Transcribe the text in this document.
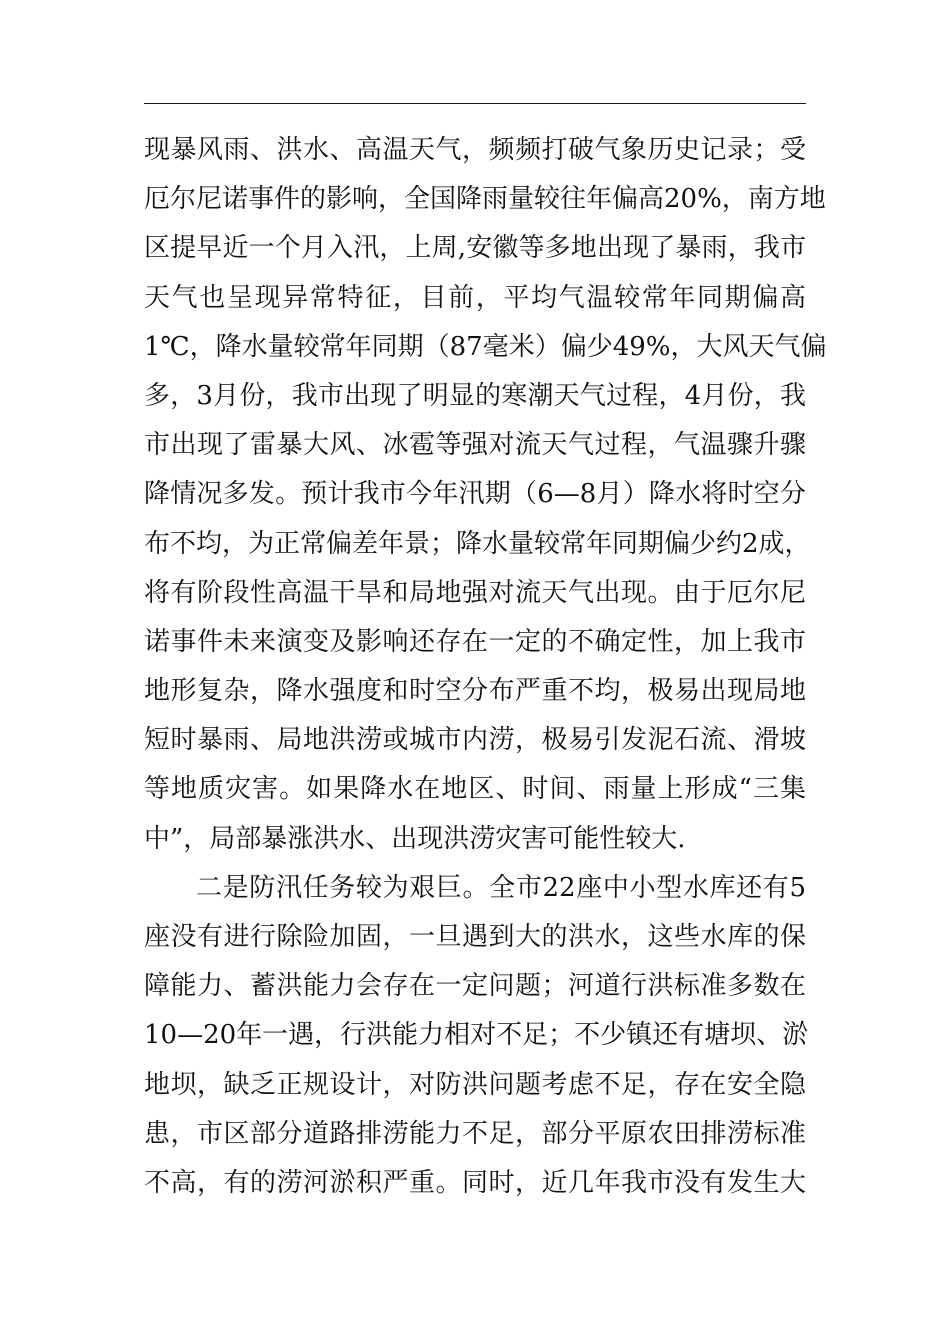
现暴风雨、洪水、高温天气，频频打破气象历史记录；受
厄尔尼诺事件的影响，全国降雨量较往年偏高20%，南方地
区提早近一个月入汛，上周,安徽等多地出现了暴雨，我市
天气也呈现异常特征，目前，平均气温较常年同期偏高
1℃，降水量较常年同期（87毫米）偏少49%，大风天气偏
多，3月份，我市出现了明显的寒潮天气过程，4月份，我
市出现了雷暴大风、冰雹等强对流天气过程，气温骤升骤
降情况多发。预计我市今年汛期（6—8月）降水将时空分
布不均，为正常偏差年景；降水量较常年同期偏少约2成，
将有阶段性高温干旱和局地强对流天气出现。由于厄尔尼
诺事件未来演变及影响还存在一定的不确定性，加上我市
地形复杂，降水强度和时空分布严重不均，极易出现局地
短时暴雨、局地洪涝或城市内涝，极易引发泥石流、滑坡
等地质灾害。如果降水在地区、时间、雨量上形成“三集
中”，局部暴涨洪水、出现洪涝灾害可能性较大.
二是防汛任务较为艰巨。全市22座中小型水库还有5
座没有进行除险加固，一旦遇到大的洪水，这些水库的保
障能力、蓄洪能力会存在一定问题；河道行洪标准多数在
10—20年一遇，行洪能力相对不足；不少镇还有塘坝、淤
地坝，缺乏正规设计，对防洪问题考虑不足，存在安全隐
患，市区部分道路排涝能力不足，部分平原农田排涝标准
不高，有的涝河淤积严重。同时，近几年我市没有发生大
